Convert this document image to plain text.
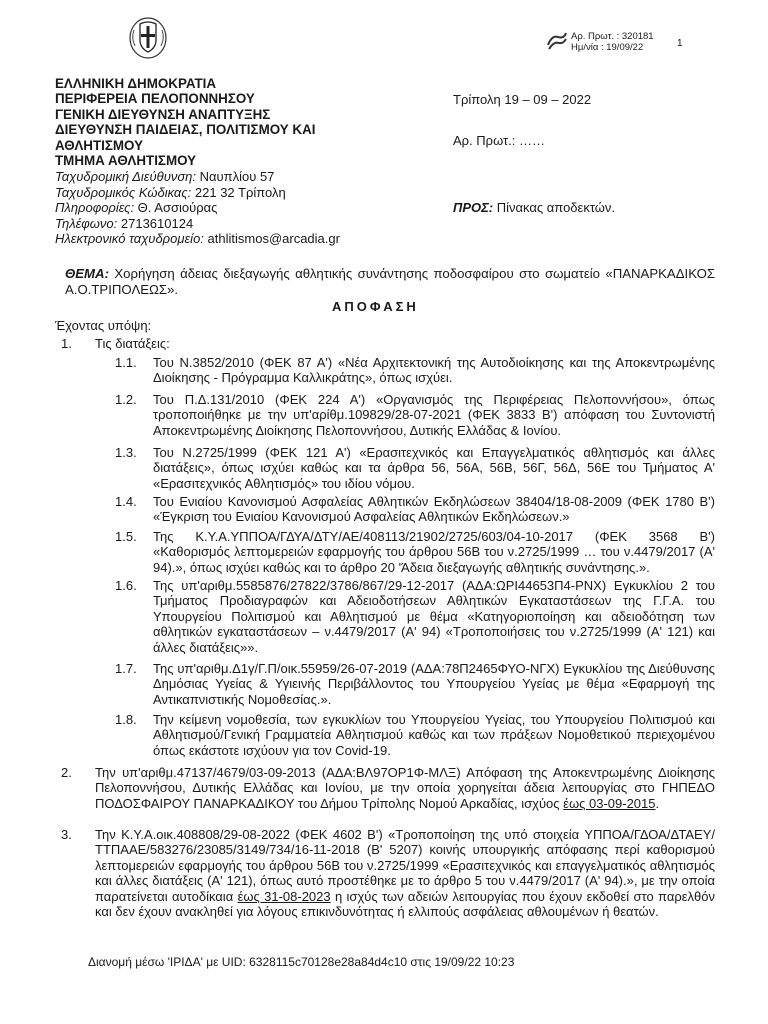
Αρ. Πρωτ. : 320181
Ημ/νία : 19/09/22	1
ΕΛΛΗΝΙΚΗ ΔΗΜΟΚΡΑΤΙΑ
ΠΕΡΙΦΕΡΕΙΑ ΠΕΛΟΠΟΝΝΗΣΟΥ
ΓΕΝΙΚΗ ΔΙΕΥΘΥΝΣΗ ΑΝΑΠΤΥΞΗΣ
ΔΙΕΥΘΥΝΣΗ ΠΑΙΔΕΙΑΣ, ΠΟΛΙΤΙΣΜΟΥ ΚΑΙ
ΑΘΛΗΤΙΣΜΟΥ
ΤΜΗΜΑ ΑΘΛΗΤΙΣΜΟΥ
Τρίπολη 19 – 09 – 2022
Αρ. Πρωτ.: ……
Ταχυδρομική Διεύθυνση: Ναυπλίου 57
Ταχυδρομικός Κώδικας: 221 32 Τρίπολη
Πληροφορίες: Θ. Ασσιούρας
Τηλέφωνο: 2713610124
Ηλεκτρονικό ταχυδρομείο: athlitismos@arcadia.gr
ΠΡΟΣ: Πίνακας αποδεκτών.
ΘΕΜΑ: Χορήγηση άδειας διεξαγωγής αθλητικής συνάντησης ποδοσφαίρου στο σωματείο «ΠΑΝΑΡΚΑΔΙΚΟΣ Α.Ο.ΤΡΙΠΟΛΕΩΣ».
ΑΠΟΦΑΣΗ
Έχοντας υπόψη:
1. Τις διατάξεις:
1.1. Του Ν.3852/2010 (ΦΕΚ 87 Α') «Νέα Αρχιτεκτονική της Αυτοδιοίκησης και της Αποκεντρωμένης Διοίκησης - Πρόγραμμα Καλλικράτης», όπως ισχύει.
1.2. Του Π.Δ.131/2010 (ΦΕΚ 224 Α') «Οργανισμός της Περιφέρειας Πελοποννήσου», όπως τροποποιήθηκε με την υπ'αρίθμ.109829/28-07-2021 (ΦΕΚ 3833 Β') απόφαση του Συντονιστή Αποκεντρωμένης Διοίκησης Πελοποννήσου, Δυτικής Ελλάδας & Ιονίου.
1.3. Του Ν.2725/1999 (ΦΕΚ 121 Α') «Ερασιτεχνικός και Επαγγελματικός αθλητισμός και άλλες διατάξεις», όπως ισχύει καθώς και τα άρθρα 56, 56Α, 56Β, 56Γ, 56Δ, 56Ε του Τμήματος Α' «Ερασιτεχνικός Αθλητισμός» του ιδίου νόμου.
1.4. Του Ενιαίου Κανονισμού Ασφαλείας Αθλητικών Εκδηλώσεων 38404/18-08-2009 (ΦΕΚ 1780 Β') «Έγκριση του Ενιαίου Κανονισμού Ασφαλείας Αθλητικών Εκδηλώσεων.»
1.5. Της Κ.Υ.Α.ΥΠΠΟΑ/ΓΔΥΑ/ΔΤΥ/ΑΕ/408113/21902/2725/603/04-10-2017 (ΦΕΚ 3568 Β') «Καθορισμός λεπτομερειών εφαρμογής του άρθρου 56Β του ν.2725/1999 … του ν.4479/2017 (Α' 94).», όπως ισχύει καθώς και το άρθρο 20 'Άδεια διεξαγωγής αθλητικής συνάντησης.».
1.6. Της υπ'αριθμ.5585876/27822/3786/867/29-12-2017 (ΑΔΑ:ΩΡΙ44653Π4-ΡΝΧ) Εγκυκλίου 2 του Τμήματος Προδιαγραφών και Αδειοδοτήσεων Αθλητικών Εγκαταστάσεων της Γ.Γ.Α. του Υπουργείου Πολιτισμού και Αθλητισμού με θέμα «Κατηγοριοποίηση και αδειοδότηση των αθλητικών εγκαταστάσεων – ν.4479/2017 (Α' 94) «Τροποποιήσεις του ν.2725/1999 (Α' 121) και άλλες διατάξεις»».
1.7. Της υπ'αριθμ.Δ1γ/Γ.Π/οικ.55959/26-07-2019 (ΑΔΑ:78Π2465ΦΥΟ-ΝΓΧ) Εγκυκλίου της Διεύθυνσης Δημόσιας Υγείας & Υγιεινής Περιβάλλοντος του Υπουργείου Υγείας με θέμα «Εφαρμογή της Αντικαπνιστικής Νομοθεσίας.».
1.8. Την κείμενη νομοθεσία, των εγκυκλίων του Υπουργείου Υγείας, του Υπουργείου Πολιτισμού και Αθλητισμού/Γενική Γραμματεία Αθλητισμού καθώς και των πράξεων Νομοθετικού περιεχομένου όπως εκάστοτε ισχύουν για τον Covid-19.
2. Την υπ'αριθμ.47137/4679/03-09-2013 (ΑΔΑ:ΒΛ97ΟΡ1Φ-ΜΛΞ) Απόφαση της Αποκεντρωμένης Διοίκησης Πελοποννήσου, Δυτικής Ελλάδας και Ιονίου, με την οποία χορηγείται άδεια λειτουργίας στο ΓΗΠΕΔΟ ΠΟΔΟΣΦΑΙΡΟΥ ΠΑΝΑΡΚΑΔΙΚΟΥ του Δήμου Τρίπολης Νομού Αρκαδίας, ισχύος έως 03-09-2015.
3. Την Κ.Υ.Α.οικ.408808/29-08-2022 (ΦΕΚ 4602 Β') «Τροποποίηση της υπό στοιχεία ΥΠΠΟΑ/ΓΔΟΑ/ΔΤΑΕΥ/ΤΤΠΑΑΕ/583276/23085/3149/734/16-11-2018 (Β' 5207) κοινής υπουργικής απόφασης περί καθορισμού λεπτομερειών εφαρμογής του άρθρου 56Β του ν.2725/1999 «Ερασιτεχνικός και επαγγελματικός αθλητισμός και άλλες διατάξεις (Α' 121), όπως αυτό προστέθηκε με το άρθρο 5 του ν.4479/2017 (Α' 94).», με την οποία παρατείνεται αυτοδίκαια έως 31-08-2023 η ισχύς των αδειών λειτουργίας που έχουν εκδοθεί στο παρελθόν και δεν έχουν ανακληθεί για λόγους επικινδυνότητας ή ελλιπούς ασφάλειας αθλουμένων ή θεατών.
Διανομή μέσω 'ΙΡΙΔΑ' με UID: 6328115c70128e28a84d4c10 στις 19/09/22 10:23
